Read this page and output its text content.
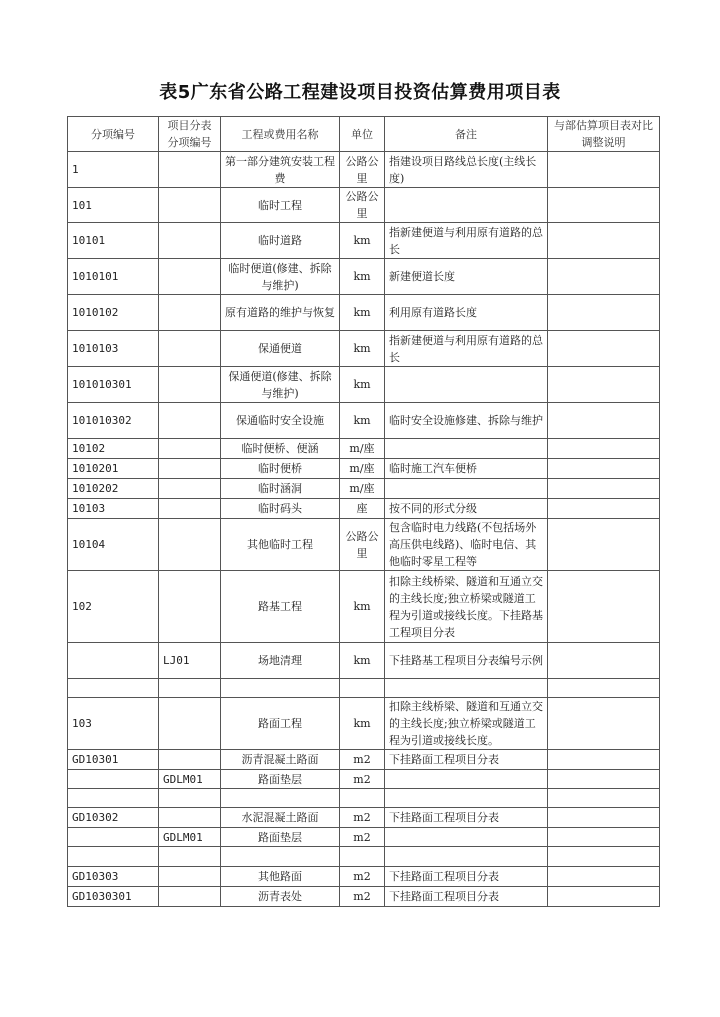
表5广东省公路工程建设项目投资估算费用项目表
分项编号	项目分表分项编号	工程或费用名称	单位	备注	与部估算项目表对比调整说明
1		第一部分建筑安装工程费	公路公里	指建设项目路线总长度(主线长度)	
101		临时工程	公路公里		
10101		临时道路	km	指新建便道与利用原有道路的总长	
1010101		临时便道(修建、拆除与维护)	km	新建便道长度	
1010102		原有道路的维护与恢复	km	利用原有道路长度	
1010103		保通便道	km	指新建便道与利用原有道路的总长	
101010301		保通便道(修建、拆除与维护)	km		
101010302		保通临时安全设施	km	临时安全设施修建、拆除与维护	
10102		临时便桥、便涵	m/座		
1010201		临时便桥	m/座	临时施工汽车便桥	
1010202		临时涵洞	m/座		
10103		临时码头	座	按不同的形式分级	
10104		其他临时工程	公路公里	包含临时电力线路(不包括场外高压供电线路)、临时电信、其他临时零星工程等	
102		路基工程	km	扣除主线桥梁、隧道和互通立交的主线长度;独立桥梁或隧道工程为引道或接线长度。下挂路基工程项目分表	
	LJ01	场地清理	km	下挂路基工程项目分表编号示例	

103		路面工程	km	扣除主线桥梁、隧道和互通立交的主线长度;独立桥梁或隧道工程为引道或接线长度。	
GD10301		沥青混凝土路面	m2	下挂路面工程项目分表	
	GDLM01	路面垫层	m2		

GD10302		水泥混凝土路面	m2	下挂路面工程项目分表	
	GDLM01	路面垫层	m2		

GD10303		其他路面	m2	下挂路面工程项目分表	
GD1030301		沥青表处	m2	下挂路面工程项目分表	
